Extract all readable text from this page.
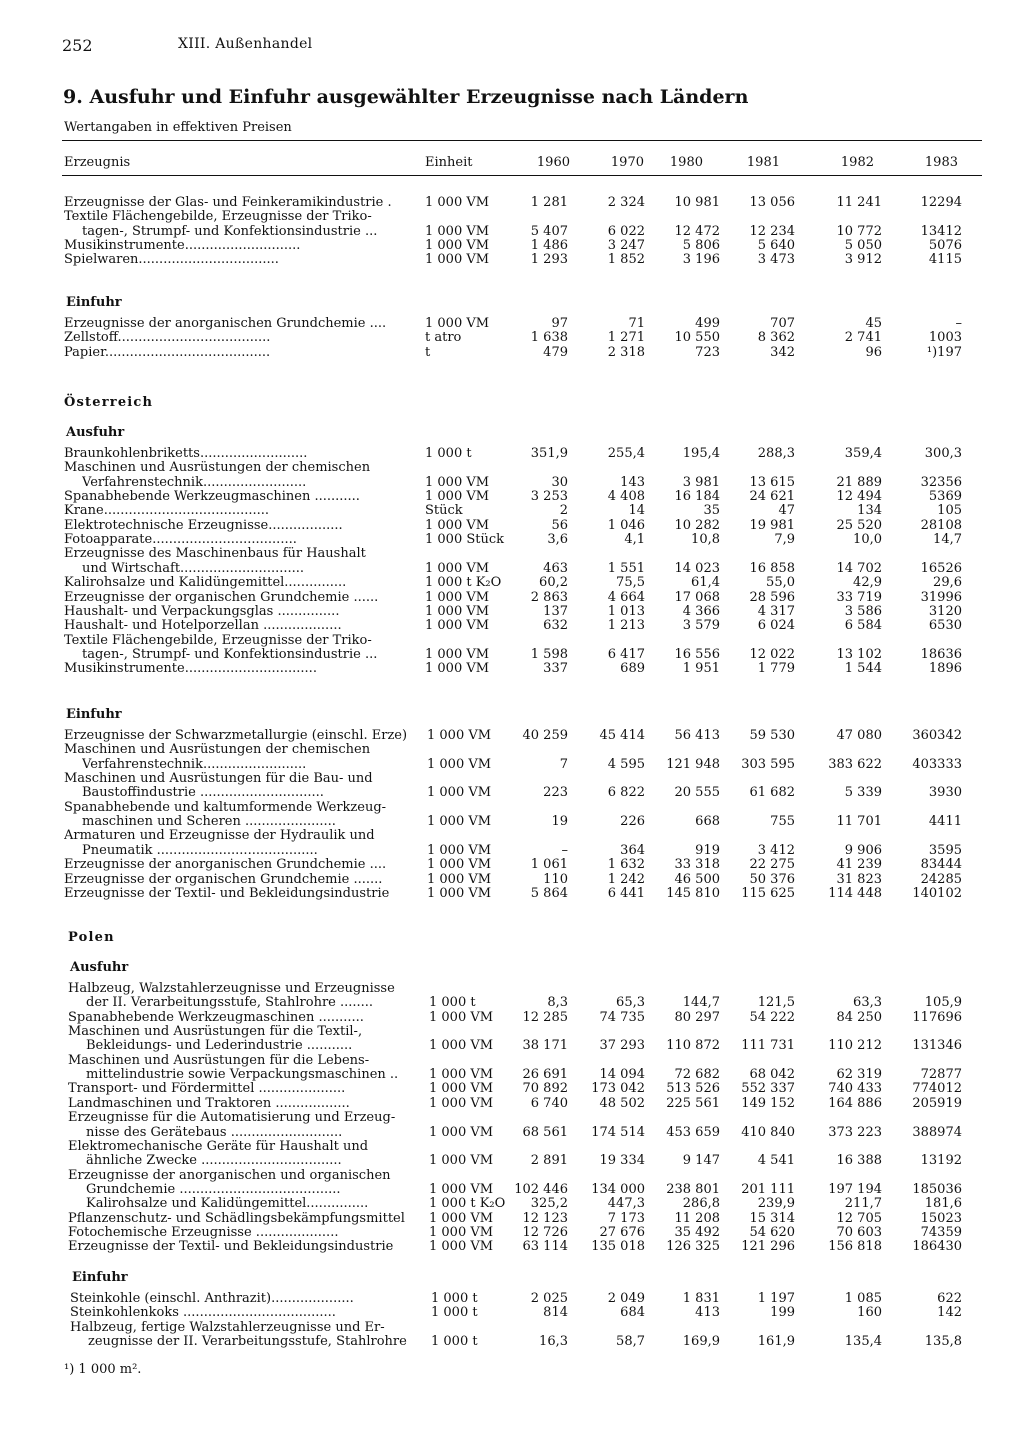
252	XIII. Außenhandel
9. Ausfuhr und Einfuhr ausgewählter Erzeugnisse nach Ländern
Wertangaben in effektiven Preisen
Erzeugnis	Einheit	1960	1970	1980	1981	1982	1983
Erzeugnisse der Glas- und Feinkeramikindustrie .	1 000 VM	1 281	2 324	10 981	13 056	11 241	12294
Textile Flächengebilde, Erzeugnisse der Triko-
tagen-, Strumpf- und Konfektionsindustrie ...	1 000 VM	5 407	6 022	12 472	12 234	10 772	13412
Musikinstrumente............................	1 000 VM	1 486	3 247	5 806	5 640	5 050	5076
Spielwaren..................................	1 000 VM	1 293	1 852	3 196	3 473	3 912	4115
Einfuhr
Erzeugnisse der anorganischen Grundchemie ....	1 000 VM	97	71	499	707	45	–
Zellstoff.....................................	t atro	1 638	1 271	10 550	8 362	2 741	1003
Papier........................................	t	479	2 318	723	342	96	¹)197
Österreich
Ausfuhr
Braunkohlenbriketts..........................	1 000 t	351,9	255,4	195,4	288,3	359,4	300,3
Maschinen und Ausrüstungen der chemischen
Verfahrenstechnik.........................	1 000 VM	30	143	3 981	13 615	21 889	32356
Spanabhebende Werkzeugmaschinen ...........	1 000 VM	3 253	4 408	16 184	24 621	12 494	5369
Krane........................................	Stück	2	14	35	47	134	105
Elektrotechnische Erzeugnisse..................	1 000 VM	56	1 046	10 282	19 981	25 520	28108
Fotoapparate...................................	1 000 Stück	3,6	4,1	10,8	7,9	10,0	14,7
Erzeugnisse des Maschinenbaus für Haushalt
und Wirtschaft..............................	1 000 VM	463	1 551	14 023	16 858	14 702	16526
Kalirohsalze und Kalidüngemittel...............	1 000 t K₂O	60,2	75,5	61,4	55,0	42,9	29,6
Erzeugnisse der organischen Grundchemie ......	1 000 VM	2 863	4 664	17 068	28 596	33 719	31996
Haushalt- und Verpackungsglas ...............	1 000 VM	137	1 013	4 366	4 317	3 586	3120
Haushalt- und Hotelporzellan ...................	1 000 VM	632	1 213	3 579	6 024	6 584	6530
Textile Flächengebilde, Erzeugnisse der Triko-
tagen-, Strumpf- und Konfektionsindustrie ...	1 000 VM	1 598	6 417	16 556	12 022	13 102	18636
Musikinstrumente................................	1 000 VM	337	689	1 951	1 779	1 544	1896
Einfuhr
Erzeugnisse der Schwarzmetallurgie (einschl. Erze) 1 000 VM	40 259	45 414	56 413	59 530	47 080	360342
Maschinen und Ausrüstungen der chemischen
Verfahrenstechnik.........................	1 000 VM	7	4 595	121 948	303 595	383 622	403333
Maschinen und Ausrüstungen für die Bau- und
Baustoffindustrie ..............................	1 000 VM	223	6 822	20 555	61 682	5 339	3930
Spanabhebende und kaltumformende Werkzeug-
maschinen und Scheren ......................	1 000 VM	19	226	668	755	11 701	4411
Armaturen und Erzeugnisse der Hydraulik und
Pneumatik .......................................	1 000 VM	–	364	919	3 412	9 906	3595
Erzeugnisse der anorganischen Grundchemie ....	1 000 VM	1 061	1 632	33 318	22 275	41 239	83444
Erzeugnisse der organischen Grundchemie .......	1 000 VM	110	1 242	46 500	50 376	31 823	24285
Erzeugnisse der Textil- und Bekleidungsindustrie	1 000 VM	5 864	6 441	145 810	115 625	114 448	140102
Polen
Ausfuhr
Halbzeug, Walzstahlerzeugnisse und Erzeugnisse
der II. Verarbeitungsstufe, Stahlrohre ........	1 000 t	8,3	65,3	144,7	121,5	63,3	105,9
Spanabhebende Werkzeugmaschinen ...........	1 000 VM	12 285	74 735	80 297	54 222	84 250	117696
Maschinen und Ausrüstungen für die Textil-,
Bekleidungs- und Lederindustrie ...........	1 000 VM	38 171	37 293	110 872	111 731	110 212	131346
Maschinen und Ausrüstungen für die Lebens-
mittelindustrie sowie Verpackungsmaschinen ..	1 000 VM	26 691	14 094	72 682	68 042	62 319	72877
Transport- und Fördermittel .....................	1 000 VM	70 892	173 042	513 526	552 337	740 433	774012
Landmaschinen und Traktoren ..................	1 000 VM	6 740	48 502	225 561	149 152	164 886	205919
Erzeugnisse für die Automatisierung und Erzeug-
nisse des Gerätebaus ...........................	1 000 VM	68 561	174 514	453 659	410 840	373 223	388974
Elektromechanische Geräte für Haushalt und
ähnliche Zwecke ..................................	1 000 VM	2 891	19 334	9 147	4 541	16 388	13192
Erzeugnisse der anorganischen und organischen
Grundchemie .......................................	1 000 VM	102 446	134 000	238 801	201 111	197 194	185036
Kalirohsalze und Kalidüngemittel...............	1 000 t K₂O	325,2	447,3	286,8	239,9	211,7	181,6
Pflanzenschutz- und Schädlingsbekämpfungsmittel	1 000 VM	12 123	7 173	11 208	15 314	12 705	15023
Fotochemische Erzeugnisse ....................	1 000 VM	12 726	27 676	35 492	54 620	70 603	74359
Erzeugnisse der Textil- und Bekleidungsindustrie	1 000 VM	63 114	135 018	126 325	121 296	156 818	186430
Einfuhr
Steinkohle (einschl. Anthrazit)....................	1 000 t	2 025	2 049	1 831	1 197	1 085	622
Steinkohlenkoks .....................................	1 000 t	814	684	413	199	160	142
Halbzeug, fertige Walzstahlerzeugnisse und Er-
zeugnisse der II. Verarbeitungsstufe, Stahlrohre 1 000 t	16,3	58,7	169,9	161,9	135,4	135,8
¹) 1 000 m².
